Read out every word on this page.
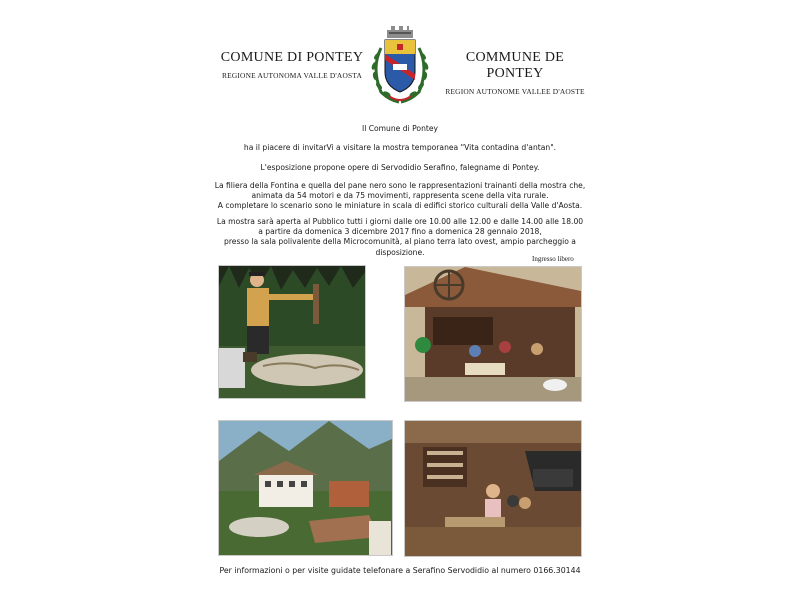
COMUNE DI PONTEY
REGIONE AUTONOMA VALLE D'AOSTA
COMMUNE DE PONTEY
REGION AUTONOME VALLEE D'AOSTE
Il Comune di Pontey
ha il piacere di invitarVi a visitare la mostra temporanea "Vita contadina d'antan".
L'esposizione propone opere di Servodidio Serafino, falegname di Pontey.
La filiera della Fontina e quella del pane nero sono le rappresentazioni trainanti della mostra che,
animata da 54 motori e da 75 movimenti, rappresenta scene della vita rurale.
A completare lo scenario sono le miniature in scala di edifici storico culturali della Valle d'Aosta.
La mostra sarà aperta al Pubblico tutti i giorni dalle ore 10.00 alle 12.00 e dalle 14.00 alle 18.00
a partire da domenica 3 dicembre 2017 fino a domenica 28 gennaio 2018,
presso la sala polivalente della Microcomunità, al piano terra lato ovest, ampio parcheggio a disposizione.
Ingresso libero
Per informazioni o per visite guidate telefonare a Serafino Servodidio al numero 0166.30144
